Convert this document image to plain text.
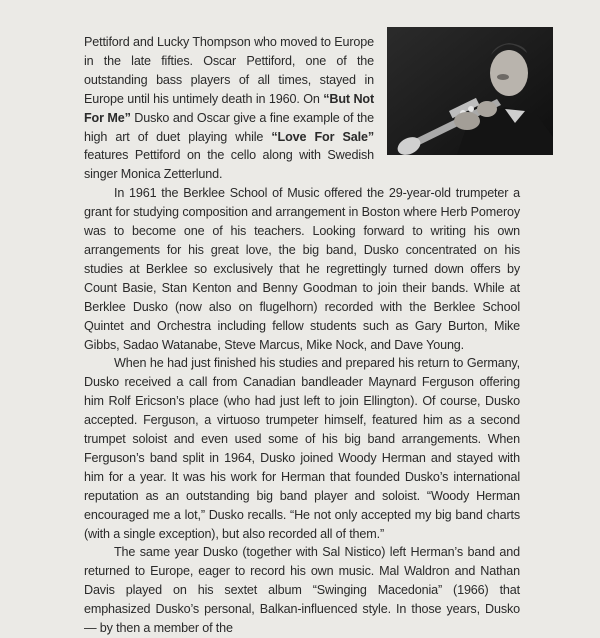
Pettiford and Lucky Thompson who moved to Europe in the late fifties. Oscar Pettiford, one of the outstanding bass players of all times, stayed in Europe until his untimely death in 1960. On “But Not For Me” Dusko and Oscar give a fine example of the high art of duet playing while “Love For Sale” features Pettiford on the cello along with Swedish singer Monica Zetterlund.

In 1961 the Berklee School of Music offered the 29-year-old trumpeter a grant for studying composition and arrangement in Boston where Herb Pomeroy was to become one of his teachers. Looking forward to writing his own arrangements for his great love, the big band, Dusko concentrated on his studies at Berklee so exclusively that he regrettingly turned down offers by Count Basie, Stan Kenton and Benny Goodman to join their bands. While at Berklee Dusko (now also on flugelhorn) recorded with the Berklee School Quintet and Orchestra including fellow students such as Gary Burton, Mike Gibbs, Sadao Watanabe, Steve Marcus, Mike Nock, and Dave Young.

When he had just finished his studies and prepared his return to Germany, Dusko received a call from Canadian bandleader Maynard Ferguson offering him Rolf Ericson’s place (who had just left to join Ellington). Of course, Dusko accepted. Ferguson, a virtuoso trumpeter himself, featured him as a second trumpet soloist and even used some of his big band arrangements. When Ferguson’s band split in 1964, Dusko joined Woody Herman and stayed with him for a year. It was his work for Herman that founded Dusko’s international reputation as an outstanding big band player and soloist. “Woody Herman encouraged me a lot,” Dusko recalls. “He not only accepted my big band charts (with a single exception), but also recorded all of them.”

The same year Dusko (together with Sal Nistico) left Herman’s band and returned to Europe, eager to record his own music. Mal Waldron and Nathan Davis played on his sextet album “Swinging Macedonia” (1966) that emphasized Dusko’s personal, Balkan-influenced style. In those years, Dusko — by then a member of the
